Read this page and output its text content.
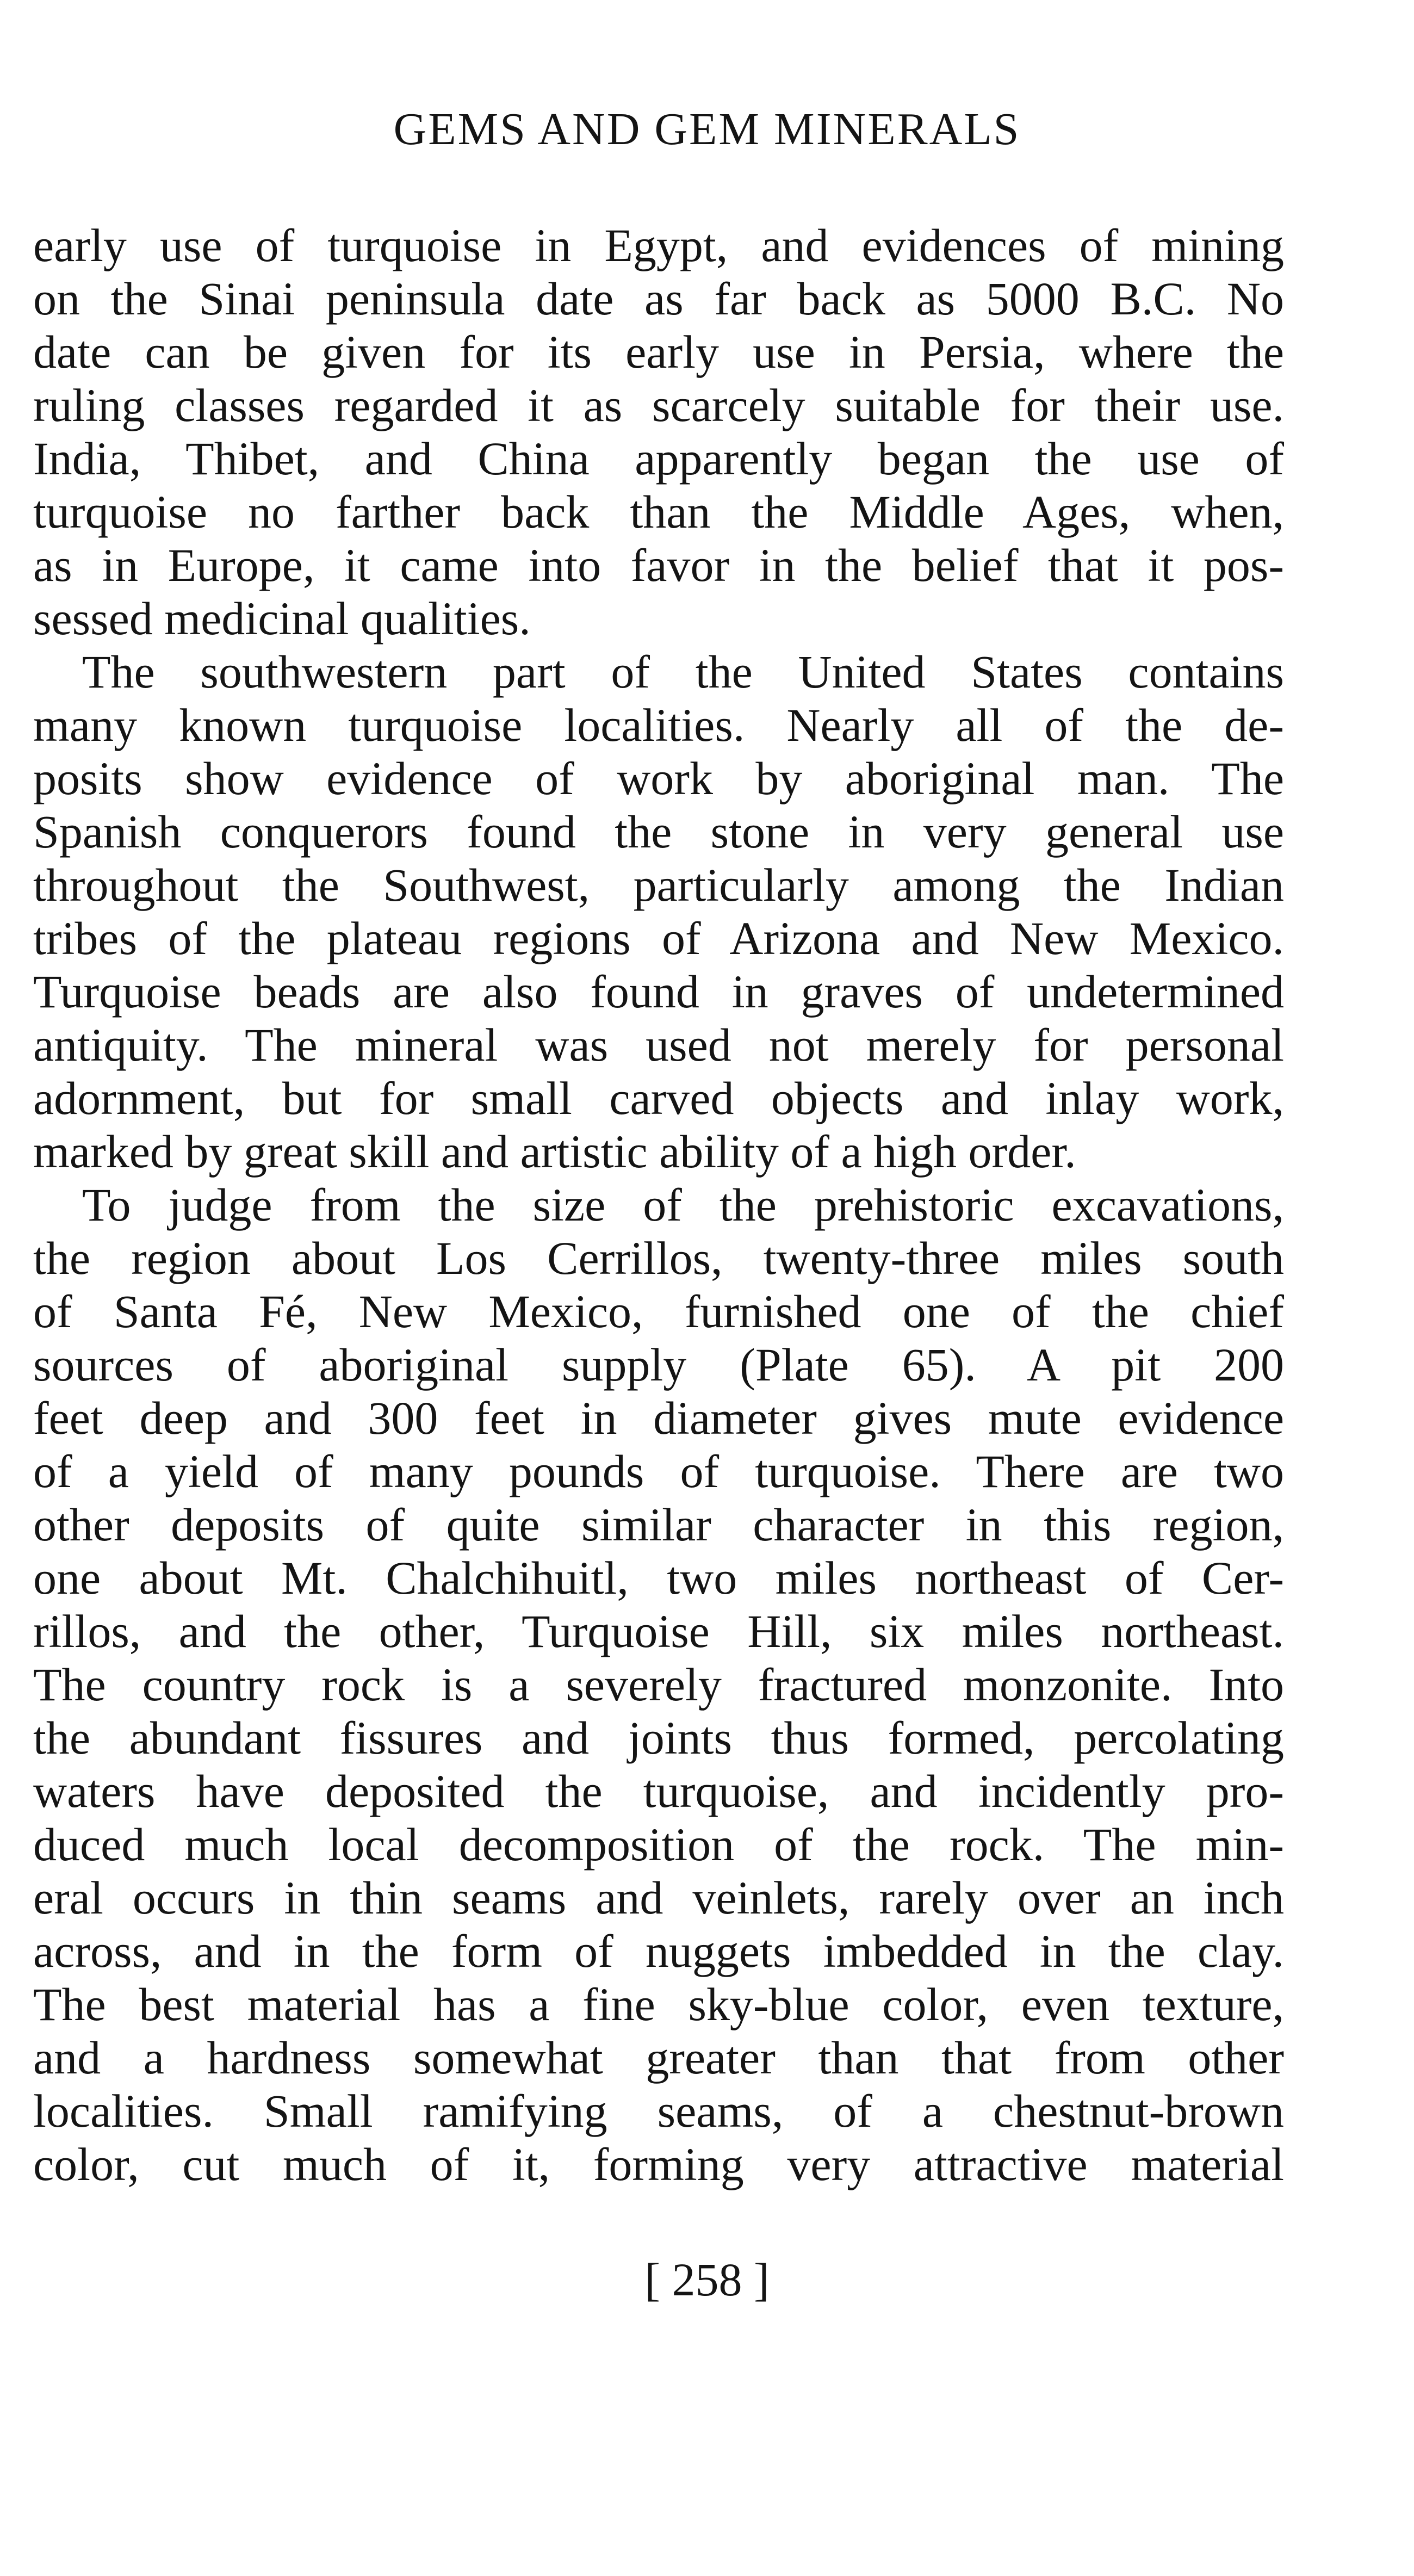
GEMS AND GEM MINERALS
early use of turquoise in Egypt, and evidences of mining
on the Sinai peninsula date as far back as 5000 B.C. No
date can be given for its early use in Persia, where the
ruling classes regarded it as scarcely suitable for their use.
India, Thibet, and China apparently began the use of
turquoise no farther back than the Middle Ages, when,
as in Europe, it came into favor in the belief that it pos-
sessed medicinal qualities.
The southwestern part of the United States contains
many known turquoise localities. Nearly all of the de-
posits show evidence of work by aboriginal man. The
Spanish conquerors found the stone in very general use
throughout the Southwest, particularly among the Indian
tribes of the plateau regions of Arizona and New Mexico.
Turquoise beads are also found in graves of undetermined
antiquity. The mineral was used not merely for personal
adornment, but for small carved objects and inlay work,
marked by great skill and artistic ability of a high order.
To judge from the size of the prehistoric excavations,
the region about Los Cerrillos, twenty-three miles south
of Santa Fé, New Mexico, furnished one of the chief
sources of aboriginal supply (Plate 65). A pit 200
feet deep and 300 feet in diameter gives mute evidence
of a yield of many pounds of turquoise. There are two
other deposits of quite similar character in this region,
one about Mt. Chalchihuitl, two miles northeast of Cer-
rillos, and the other, Turquoise Hill, six miles northeast.
The country rock is a severely fractured monzonite. Into
the abundant fissures and joints thus formed, percolating
waters have deposited the turquoise, and incidently pro-
duced much local decomposition of the rock. The min-
eral occurs in thin seams and veinlets, rarely over an inch
across, and in the form of nuggets imbedded in the clay.
The best material has a fine sky-blue color, even texture,
and a hardness somewhat greater than that from other
localities. Small ramifying seams, of a chestnut-brown
color, cut much of it, forming very attractive material
[ 258 ]
